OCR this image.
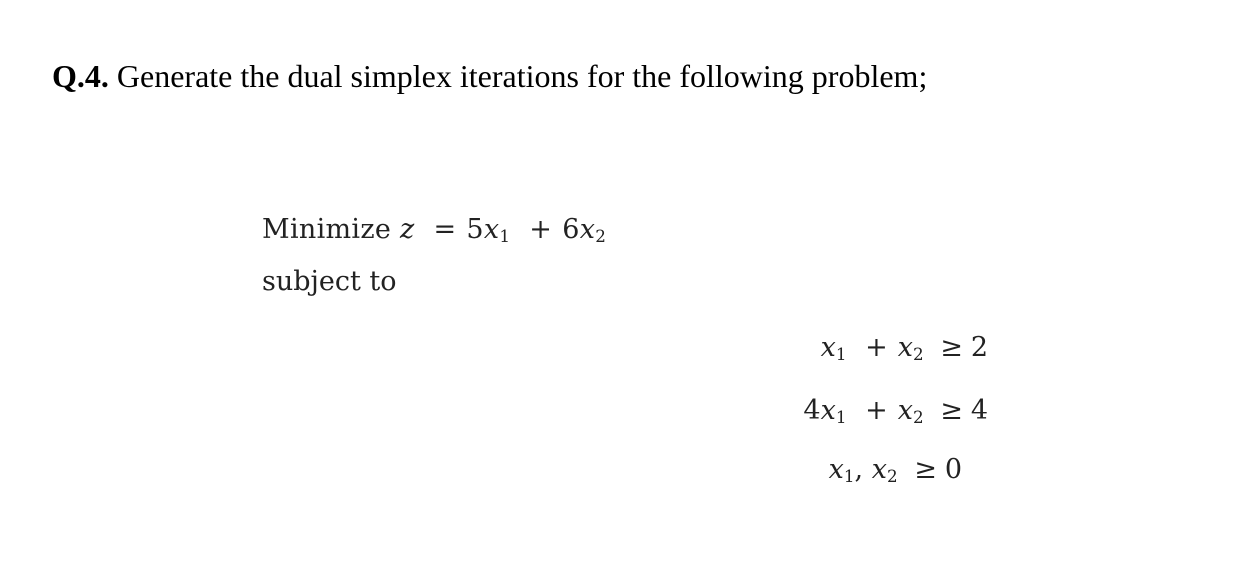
Q.4. Generate the dual simplex iterations for the following problem;
Minimize $z = 5x_1 + 6x_2$
subject to
$x_1 + x_2 \ge 2$
$4x_1 + x_2 \ge 4$
$x_1$, $x_2 \ge 0$
